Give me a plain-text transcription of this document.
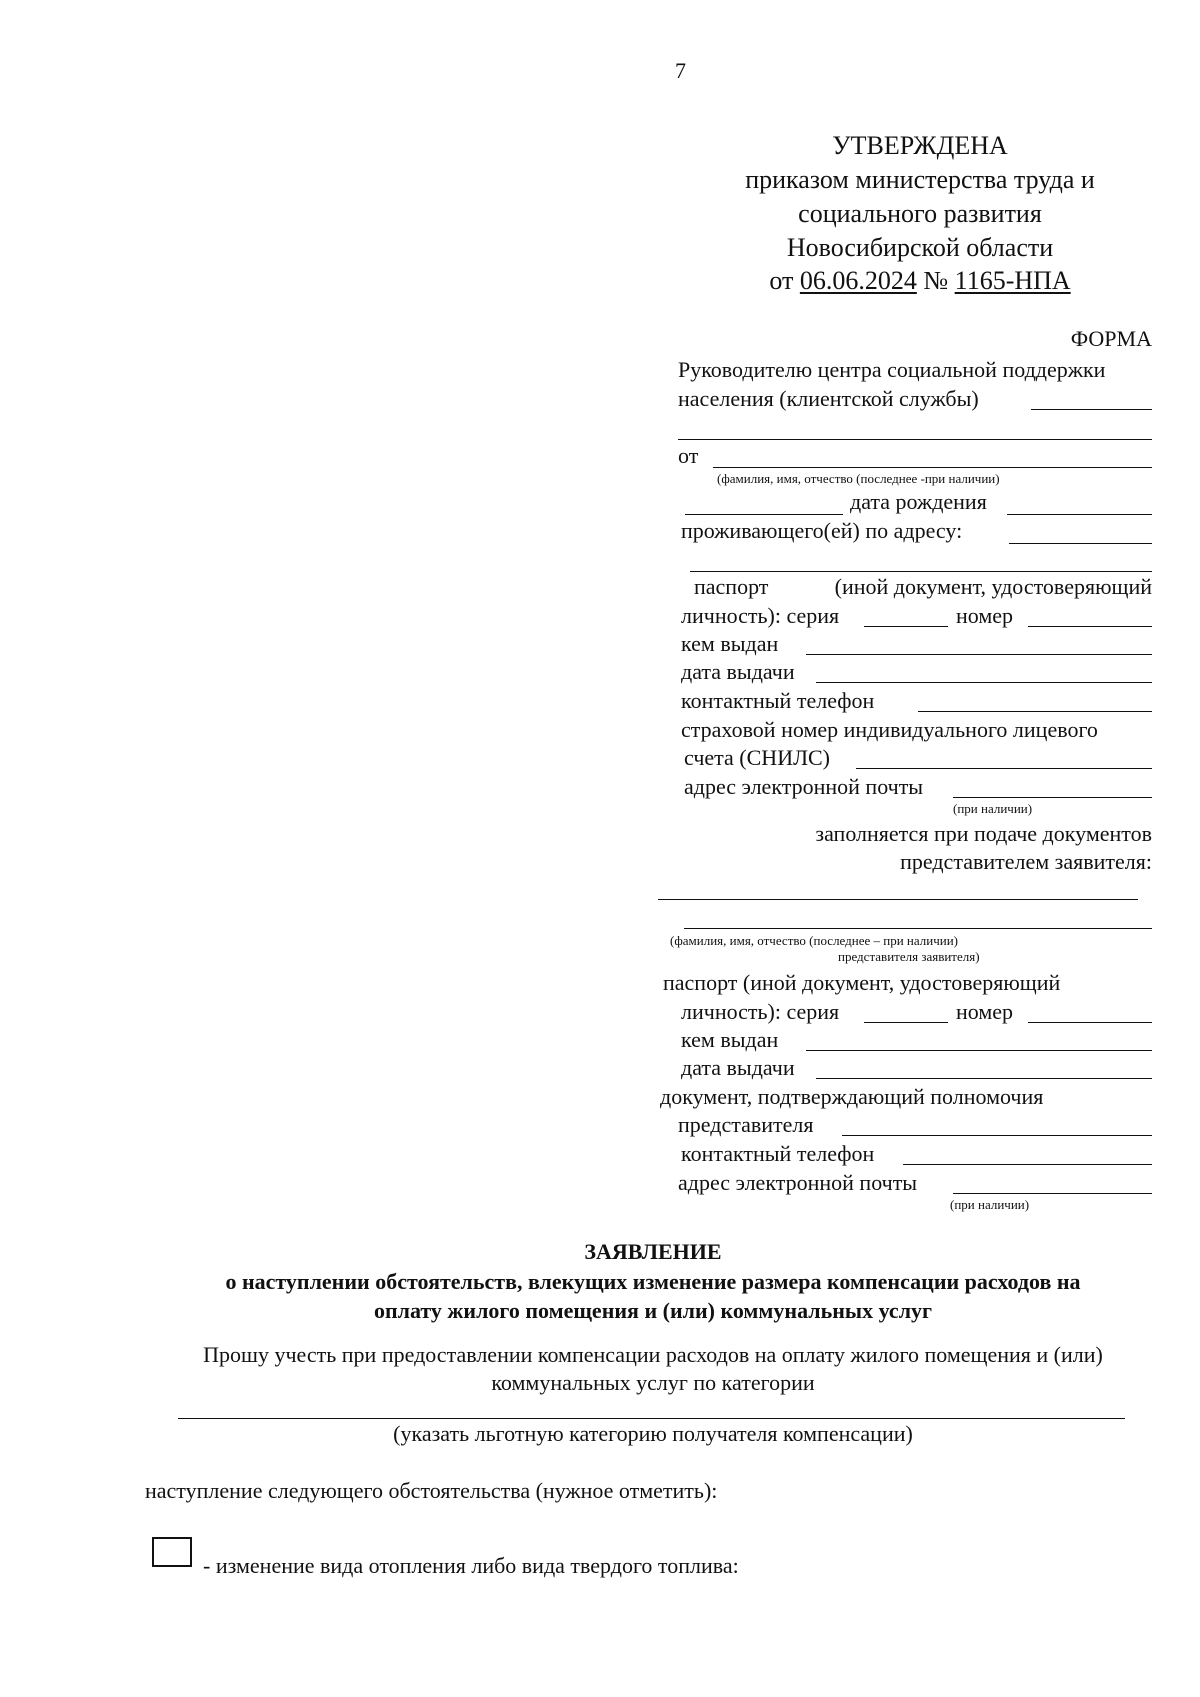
7
УТВЕРЖДЕНА
приказом министерства труда и
социального развития
Новосибирской области
от 06.06.2024 № 1165-НПА
ФОРМА
Руководителю центра социальной поддержки
населения (клиентской службы)
от
(фамилия, имя, отчество (последнее -при наличии)
дата рождения
проживающего(ей) по адресу:
паспорт	(иной документ, удостоверяющий
личность): серия	номер
кем выдан
дата выдачи
контактный телефон
страховой номер индивидуального лицевого
счета (СНИЛС)
адрес электронной почты
(при наличии)
заполняется при подаче документов
представителем заявителя:
(фамилия, имя, отчество (последнее – при наличии)
представителя заявителя)
паспорт (иной документ, удостоверяющий
личность): серия	номер
кем выдан
дата выдачи
документ, подтверждающий полномочия
представителя
контактный телефон
адрес электронной почты
(при наличии)
ЗАЯВЛЕНИЕ
о наступлении обстоятельств, влекущих изменение размера компенсации расходов на
оплату жилого помещения и (или) коммунальных услуг
Прошу учесть при предоставлении компенсации расходов на оплату жилого помещения и (или)
коммунальных услуг по категории
(указать льготную категорию получателя компенсации)
наступление следующего обстоятельства (нужное отметить):
- изменение вида отопления либо вида твердого топлива:
